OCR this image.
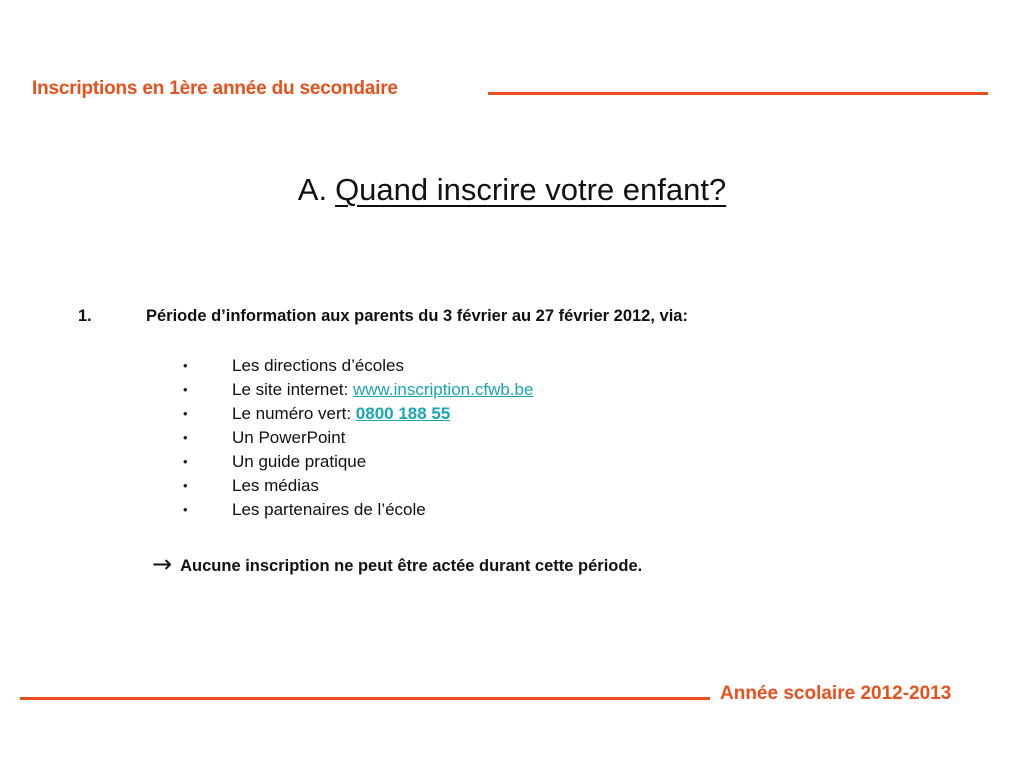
Inscriptions en 1ère année du secondaire
A. Quand inscrire votre enfant?
1.	Période d’information aux parents du 3 février au 27 février 2012, via:
•	Les directions d’écoles
•	Le site internet: www.inscription.cfwb.be
•	Le numéro vert: 0800 188 55
•	Un PowerPoint
•	Un guide pratique
•	Les médias
•	Les partenaires de l’école
→ Aucune inscription ne peut être actée durant cette période.
Année scolaire 2012-2013
